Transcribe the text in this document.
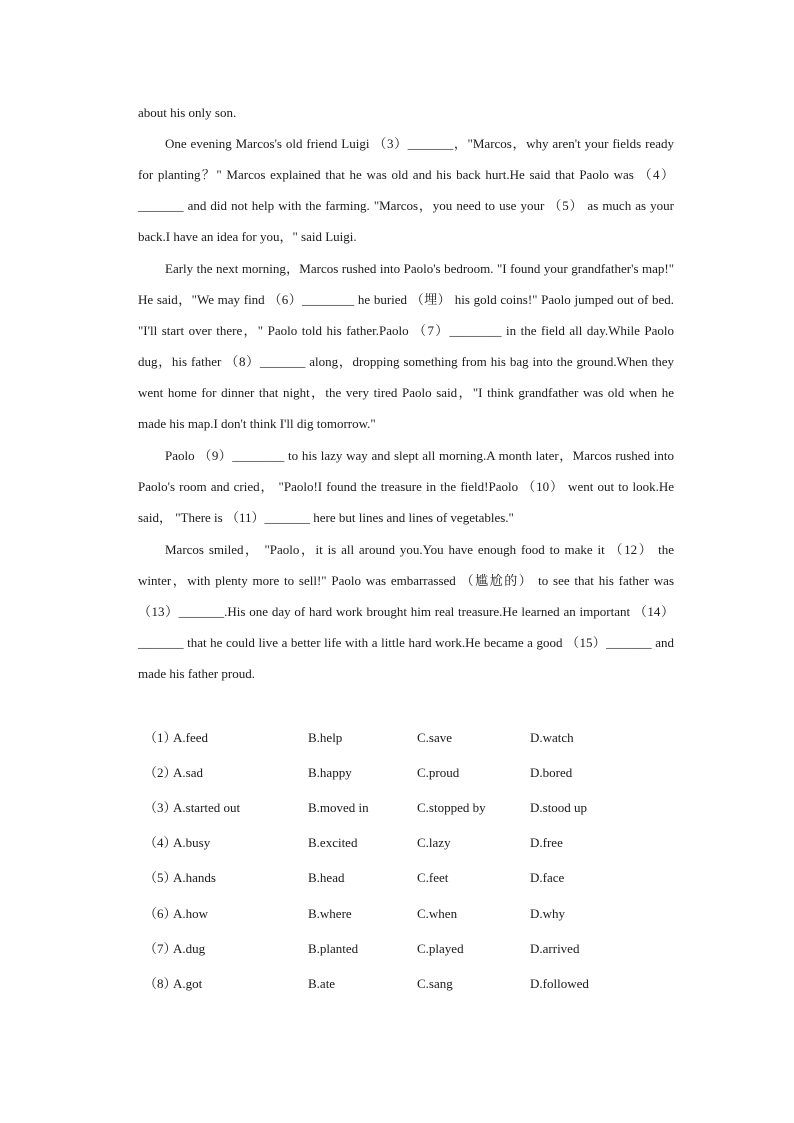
about his only son.

One evening Marcos's old friend Luigi （3）_______，"Marcos，why aren't your fields ready for planting？" Marcos explained that he was old and his back hurt.He said that Paolo was （4）_______ and did not help with the farming. "Marcos，you need to use your （5） as much as your back.I have an idea for you，" said Luigi.

Early the next morning，Marcos rushed into Paolo's bedroom. "I found your grandfather's map!" He said，"We may find （6）________ he buried （埋） his gold coins!" Paolo jumped out of bed. "I'll start over there，" Paolo told his father.Paolo （7）________ in the field all day.While Paolo dug，his father （8）_______ along，dropping something from his bag into the ground.When they went home for dinner that night，the very tired Paolo said，"I think grandfather was old when he made his map.I don't think I'll dig tomorrow."

Paolo （9）________ to his lazy way and slept all morning.A month later，Marcos rushed into Paolo's room and cried， "Paolo!I found the treasure in the field!Paolo （10） went out to look.He said， "There is （11）_______ here but lines and lines of vegetables."

Marcos smiled， "Paolo，it is all around you.You have enough food to make it （12） the winter，with plenty more to sell!" Paolo was embarrassed （尴尬的） to see that his father was （13）_______.His one day of hard work brought him real treasure.He learned an important （14）_______ that he could live a better life with a little hard work.He became a good （15）_______ and made his father proud.

（1）
A.feed	B.help	C.save	D.watch
（2）
A.sad	B.happy	C.proud	D.bored
（3）
A.started out	B.moved in	C.stopped by	D.stood up
（4）
A.busy	B.excited	C.lazy	D.free
（5）
A.hands	B.head	C.feet	D.face
（6）
A.how	B.where	C.when	D.why
（7）
A.dug	B.planted	C.played	D.arrived
（8）
A.got	B.ate	C.sang	D.followed
